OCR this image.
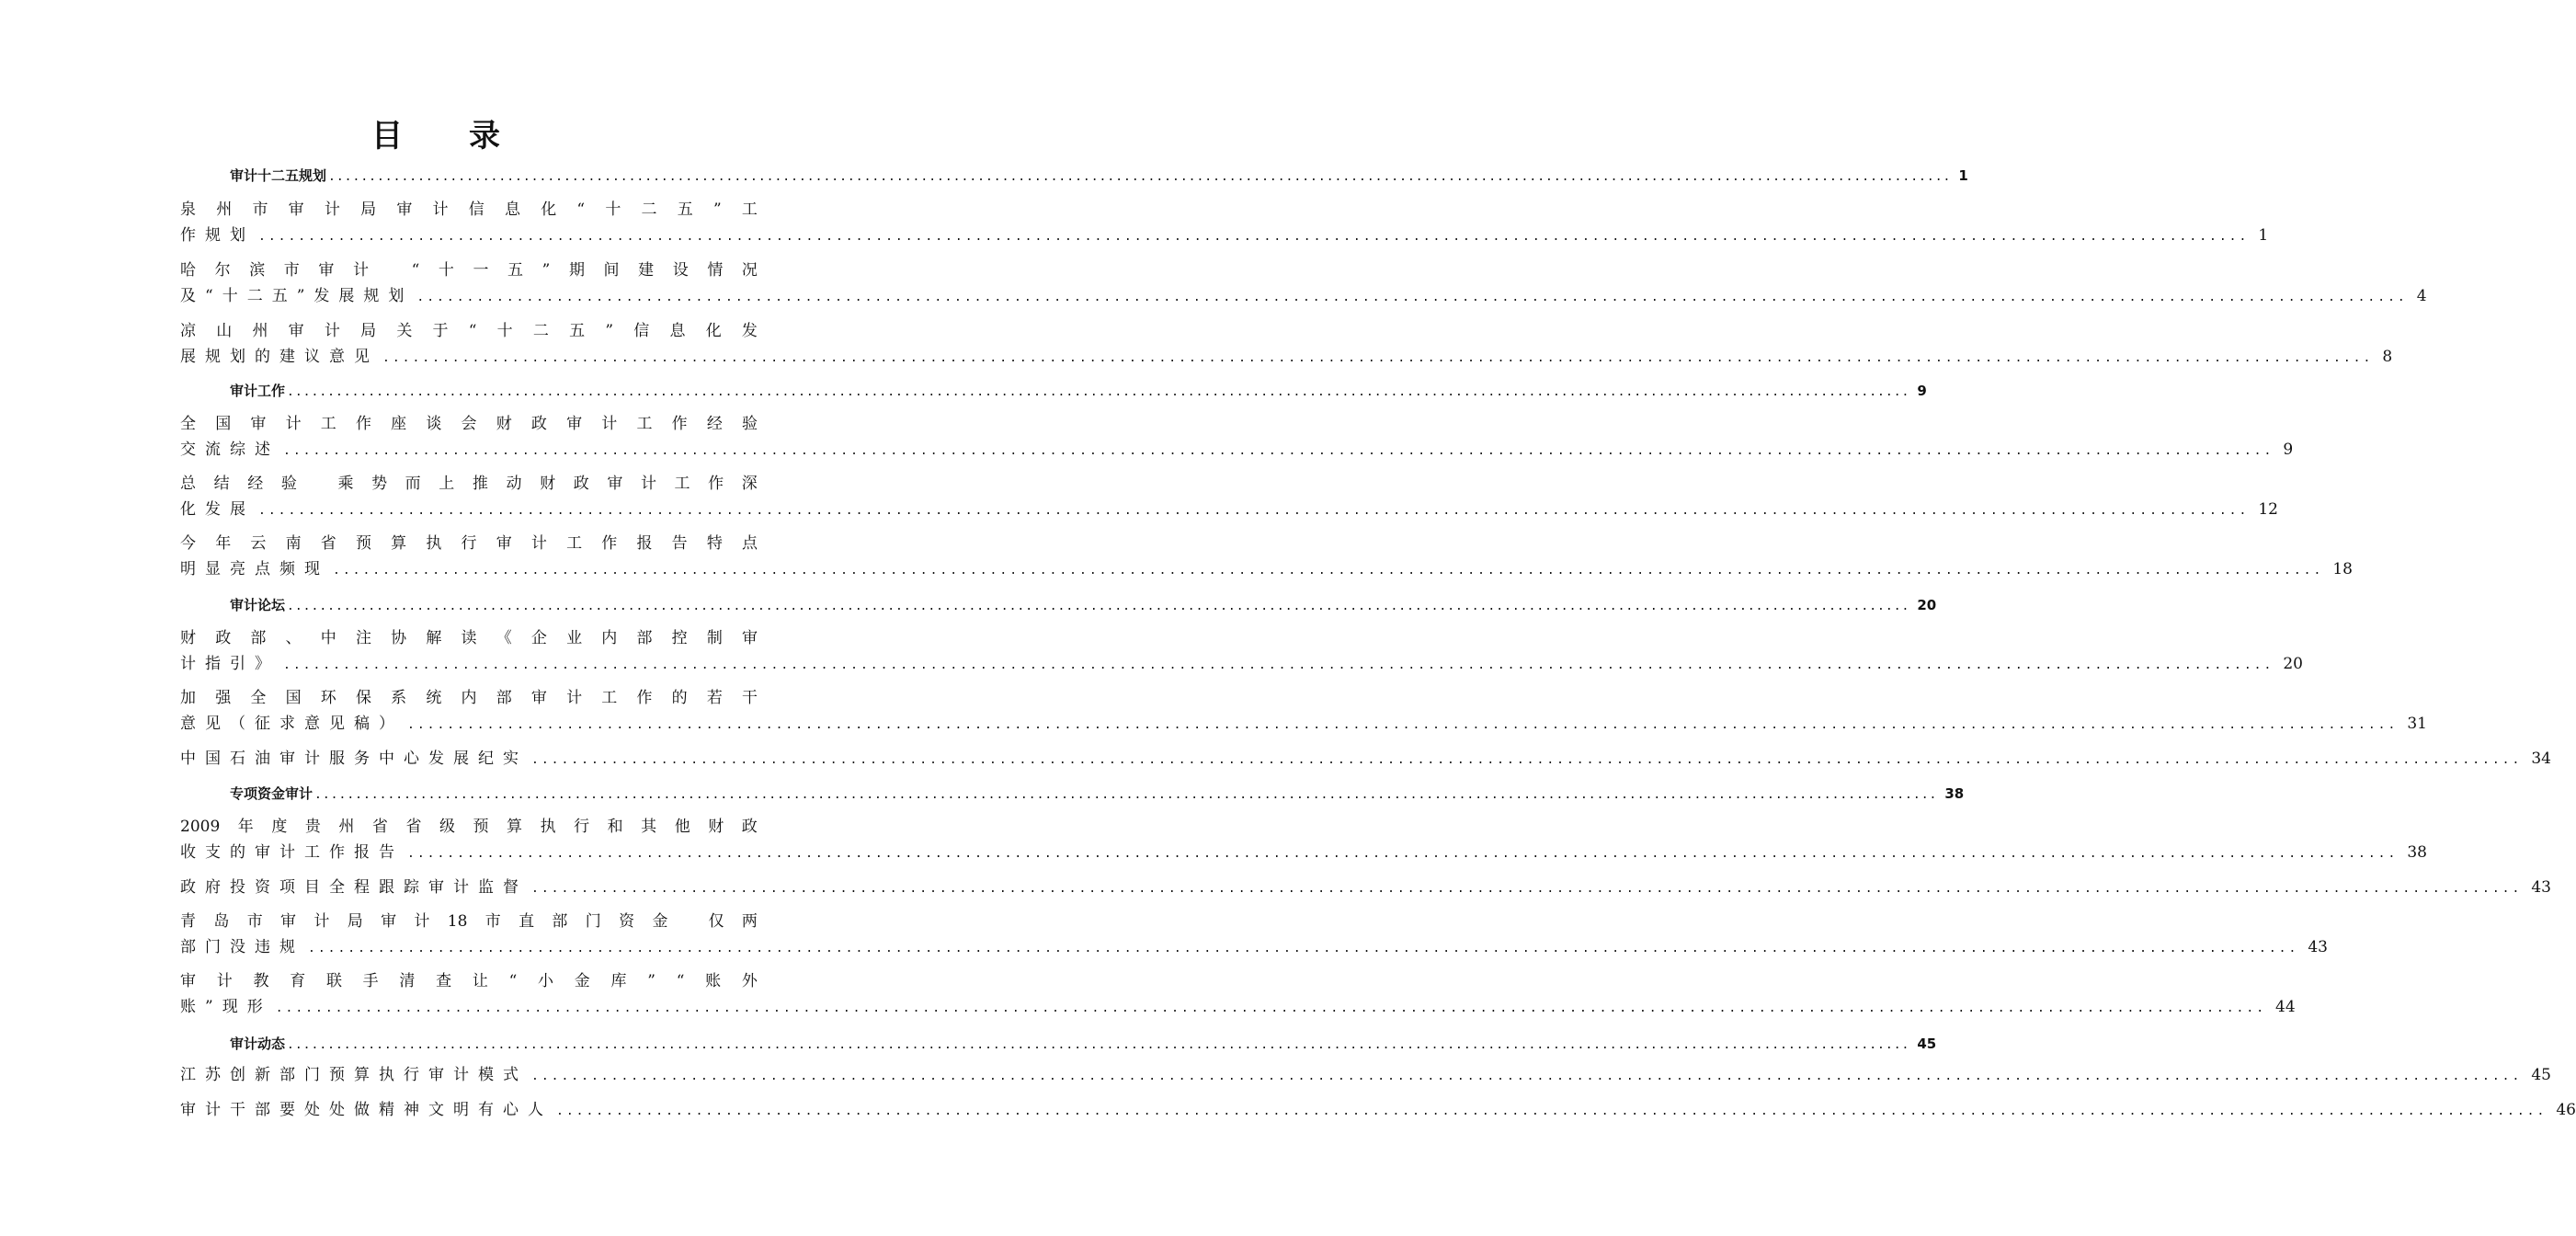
目 录
审计十二五规划 ........................................................................................................................................................................................................ 1
泉 州 市 审 计 局 审 计 信 息 化 “ 十 二 五 ” 工
作规划 ........................................................................................................................................................................................................ 1
哈 尔 滨 市 审 计
	“ 十 一 五 ” 期 间 建 设 情 况
及“十二五”发展规划 ........................................................................................................................................................................................................ 4
凉 山 州 审 计 局 关 于 “ 十 二 五 ” 信 息 化 发
展规划的建议意见 ........................................................................................................................................................................................................ 8
审计工作 ........................................................................................................................................................................................................ 9
全 国 审 计 工 作 座 谈 会 财 政 审 计 工 作 经 验
交流综述 ........................................................................................................................................................................................................ 9
总 结 经 验
	乘 势 而 上 推 动 财 政 审 计 工 作 深
化发展 ........................................................................................................................................................................................................ 12
今 年 云 南 省 预 算 执 行 审 计 工 作 报 告 特 点
明显亮点频现 ........................................................................................................................................................................................................ 18
审计论坛 ........................................................................................................................................................................................................ 20
财 政 部 、 中 注 协 解 读 《 企 业 内 部 控 制 审
计指引》 ........................................................................................................................................................................................................ 20
加 强 全 国 环 保 系 统 内 部 审 计 工 作 的 若 干
意见（征求意见稿） ........................................................................................................................................................................................................ 31
中国石油审计服务中心发展纪实 ........................................................................................................................................................................................................ 34
专项资金审计 ........................................................................................................................................................................................................ 38
2009 年 度 贵 州 省 省 级 预 算 执 行 和 其 他 财 政
收支的审计工作报告 ........................................................................................................................................................................................................ 38
政府投资项目全程跟踪审计监督 ........................................................................................................................................................................................................ 43
青 岛 市 审 计 局 审 计 18 市 直 部 门 资 金
	仅 两
部门没违规 ........................................................................................................................................................................................................ 43
审 计 教 育 联 手 清 查 让 “ 小 金 库 ” “ 账 外
账”现形 ........................................................................................................................................................................................................ 44
审计动态 ........................................................................................................................................................................................................ 45
江苏创新部门预算执行审计模式 ........................................................................................................................................................................................................ 45
审计干部要处处做精神文明有心人 ........................................................................................................................................................................................................ 46
